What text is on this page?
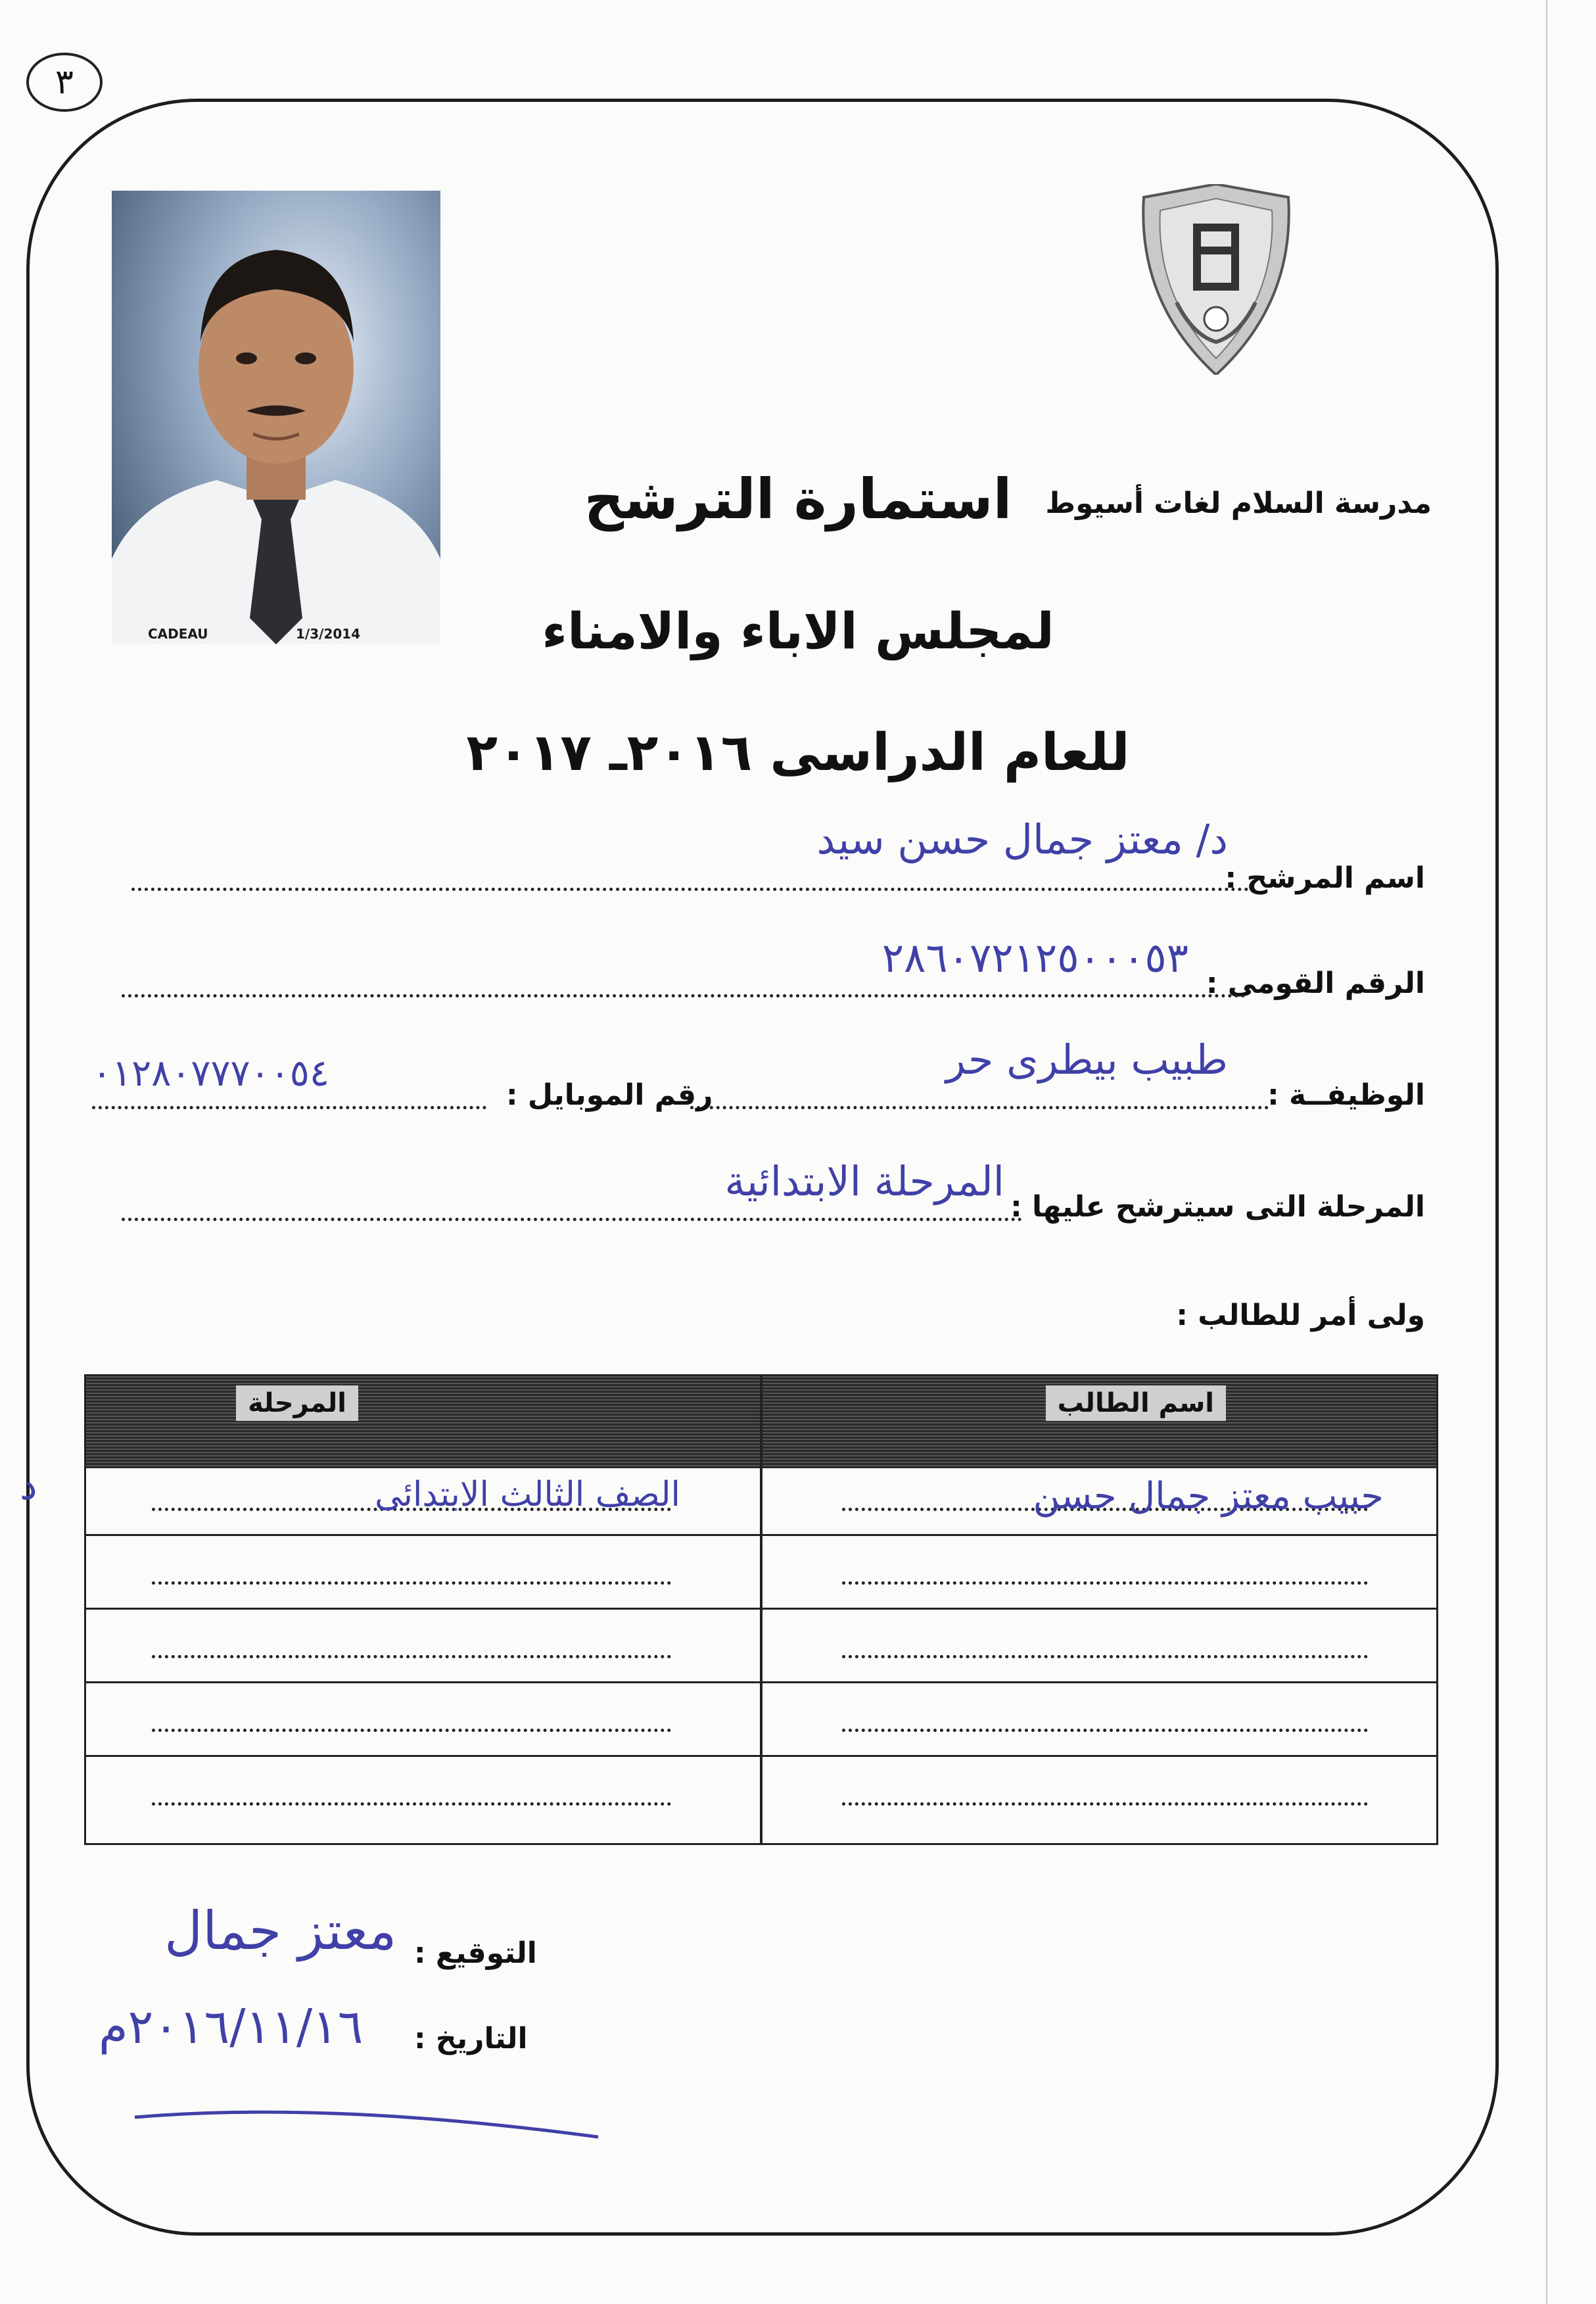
٣
CADEAU	1/3/2014
مدرسة السلام لغات أسيوط
استمارة الترشح
لمجلس الاباء والامناء
للعام الدراسى ٢٠١٦ـ ٢٠١٧
اسم المرشح :
د/ معتز جمال حسن سيد
الرقم القومى :
٢٨٦٠٧٢١٢٥٠٠٠٥٣
الوظيفــة :
طبيب بيطرى حر
رقم الموبايل :
٠١٢٨٠٧٧٧٠٠٥٤
المرحلة التى سيترشح عليها :
المرحلة الابتدائية
ولى أمر للطالب :
اسم الطالب
المرحلة
حبيب معتز جمال حسن
الصف الثالث الابتدائى
د
التوقيع :
معتز جمال
التاريخ :
٢٠١٦/١١/١٦م
